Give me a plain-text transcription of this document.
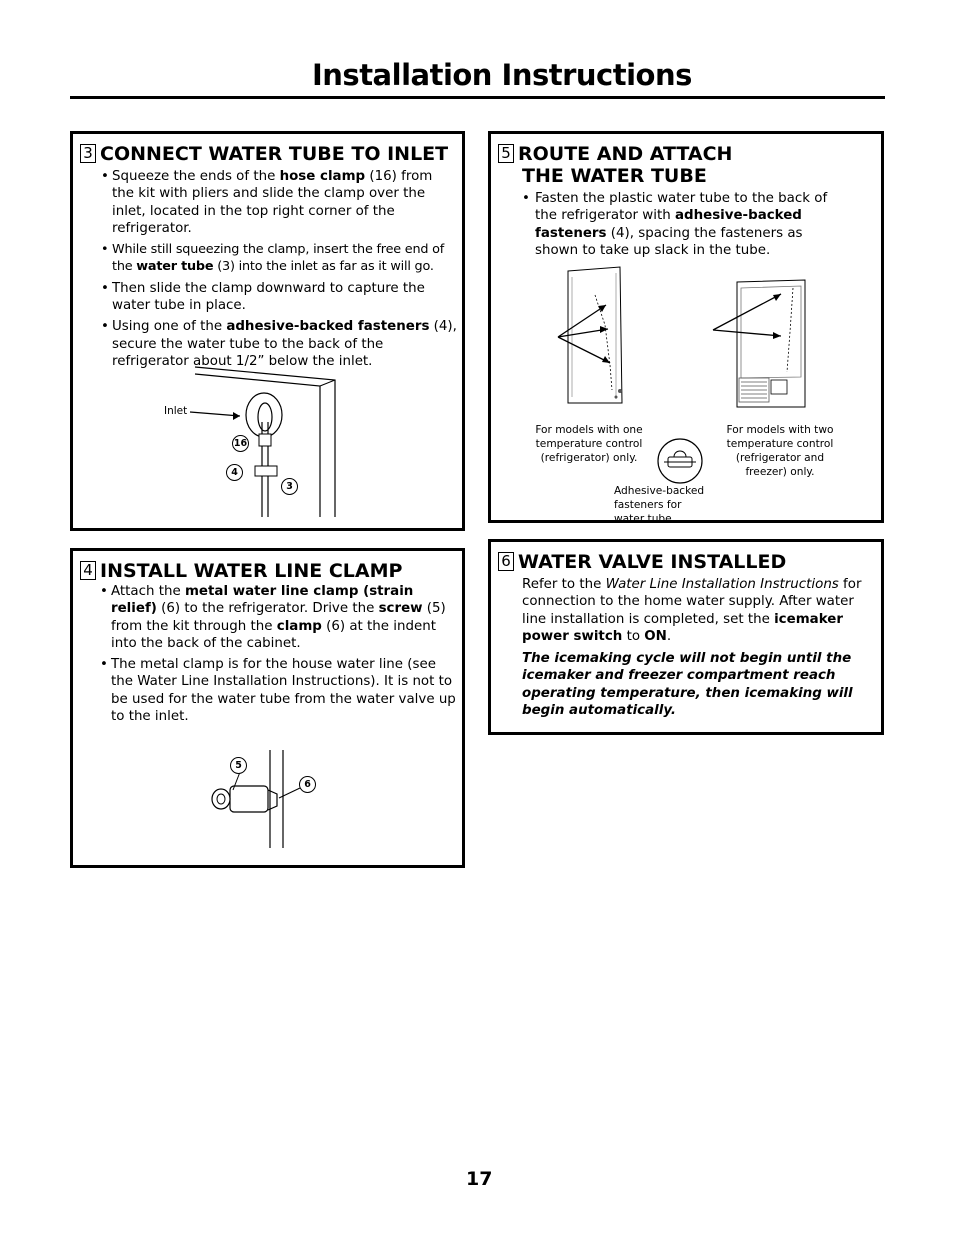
Installation Instructions
3 CONNECT WATER TUBE TO INLET
• Squeeze the ends of the hose clamp (16) from the kit with pliers and slide the clamp over the inlet, located in the top right corner of the refrigerator.
• While still squeezing the clamp, insert the free end of the water tube (3) into the inlet as far as it will go.
• Then slide the clamp downward to capture the water tube in place.
• Using one of the adhesive-backed fasteners (4), secure the water tube to the back of the refrigerator about 1/2” below the inlet.
Inlet
16
4
3
4 INSTALL WATER LINE CLAMP
• Attach the metal water line clamp (strain relief) (6) to the refrigerator. Drive the screw (5) from the kit through the clamp (6) at the indent into the back of the cabinet.
• The metal clamp is for the house water line (see the Water Line Installation Instructions). It is not to be used for the water tube from the water valve up to the inlet.
5
6
5 ROUTE AND ATTACH
THE WATER TUBE
• Fasten the plastic water tube to the back of the refrigerator with adhesive-backed fasteners (4), spacing the fasteners as shown to take up slack in the tube.
For models with one temperature control (refrigerator) only.
For models with two temperature control (refrigerator and freezer) only.
Adhesive-backed fasteners for water tube
6 WATER VALVE INSTALLED
Refer to the Water Line Installation Instructions for connection to the home water supply. After water line installation is completed, set the icemaker power switch to ON.
The icemaking cycle will not begin until the icemaker and freezer compartment reach operating temperature, then icemaking will begin automatically.
17
